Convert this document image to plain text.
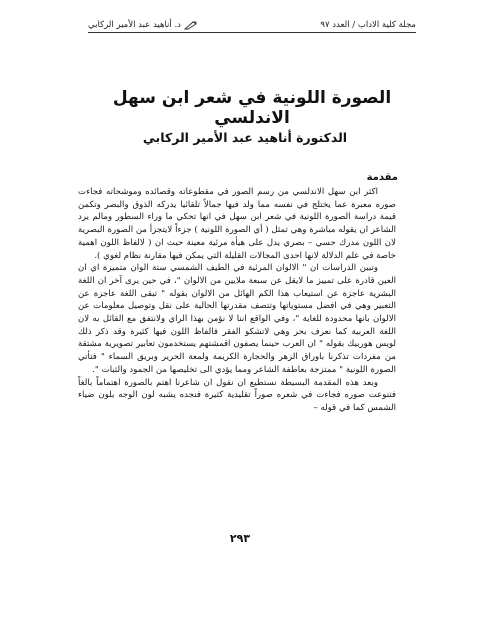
مجلة كلية الاداب / العدد ٩٧
د. أناهيد عبد الأمير الركابي
الصورة اللونية في شعر ابن سهل الاندلسي
الدكتورة أناهيد عبد الأمير الركابي
مقدمة

اكثر ابن سهل الاندلسي من رسم الصور في مقطوعاته وقصائده وموشحاته فجاءت صوره معبرة عما يختلج في نفسه مما ولد فيها جمالاً تلقائيا يدركه الذوق والبصر وتكمن قيمة دراسة الصورة اللونية في شعر ابن سهل في انها تحكي ما وراء السطور ومالم يرد الشاعر ان يقوله مباشرة وهي تمثل ( أي الصورة اللونية ) جزءاً لايتجزأ من الصورة البصرية لان اللون مدرك حسي – بصري يدل على هيأة مرئية معينة حيث ان ( لالفاظ اللون اهمية خاصة في علم الدلالة لانها احدى المجالات القليلة التي يمكن فيها مقارنة نظام لغوي ).

وتبين الدراسات ان " الالوان المرئية في الطيف الشمسي ستة الوان متميزة اي ان العين قادرة على تمييز ما لايقل عن سبعة ملايين من الالوان "، في حين يرى آخر ان اللغة البشرية عاجزة عن استيعاب هذا الكم الهائل من الالوان بقوله " تبقى اللغة عاجزة عن التعبير وهي في افضل مستوياتها وتتصف مقدرتها الحالية على نقل وتوصيل معلومات عن الالوان بانها محدودة للغاية "، وفي الواقع اننا لا نؤمن بهذا الراي ولانتفق مع القائل به لان اللغة العربية كما نعرف بحر وهي لاتشكو الفقر فالفاظ اللون فيها كثيرة وقد ذكر ذلك لويس هوربيك بقوله " ان العرب حينما يصفون اقمشتهم يستخدمون تعابير تصويرية مشتقة من مفردات تذكرنا باوراق الزهر والحجارة الكريمة ولمعة الحرير وبريق السماء " فتأتي الصورة اللونية " ممتزجة بعاطفة الشاعر ومما يؤدي الى تخليصها من الجمود والثبات ".

وبعد هذه المقدمة البسيطة نستطيع ان نقول ان شاعرنا اهتم بالصورة اهتماماً بالغاً فتنوعت صوره فجاءت في شعره صوراً تقليدية كثيرة فنجده يشبه لون الوجه بلون ضياء الشمس كما في قوله –

٢٩٣
